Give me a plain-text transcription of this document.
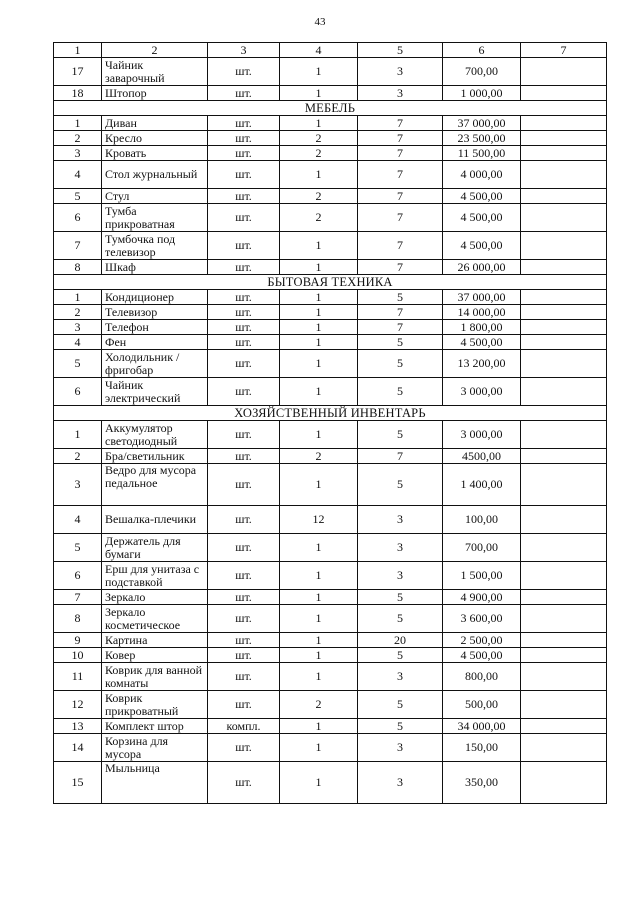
43
1	2	3	4	5	6	7
17	Чайник заварочный	шт.	1	3	700,00	
18	Штопор	шт.	1	3	1 000,00	
МЕБЕЛЬ						
1	Диван	шт.	1	7	37 000,00	
2	Кресло	шт.	2	7	23 500,00	
3	Кровать	шт.	2	7	11 500,00	
4	Стол журнальный	шт.	1	7	4 000,00	
5	Стул	шт.	2	7	4 500,00	
6	Тумба прикроватная	шт.	2	7	4 500,00	
7	Тумбочка под телевизор	шт.	1	7	4 500,00	
8	Шкаф	шт.	1	7	26 000,00	
БЫТОВАЯ ТЕХНИКА						
1	Кондиционер	шт.	1	5	37 000,00	
2	Телевизор	шт.	1	7	14 000,00	
3	Телефон	шт.	1	7	1 800,00	
4	Фен	шт.	1	5	4 500,00	
5	Холодильник / фригобар	шт.	1	5	13 200,00	
6	Чайник электрический	шт.	1	5	3 000,00	
ХОЗЯЙСТВЕННЫЙ ИНВЕНТАРЬ						
1	Аккумулятор светодиодный	шт.	1	5	3 000,00	
2	Бра/светильник	шт.	2	7	4500,00	
3	Ведро для мусора педальное	шт.	1	5	1 400,00	
4	Вешалка-плечики	шт.	12	3	100,00	
5	Держатель для бумаги	шт.	1	3	700,00	
6	Ерш для унитаза с подставкой	шт.	1	3	1 500,00	
7	Зеркало	шт.	1	5	4 900,00	
8	Зеркало косметическое	шт.	1	5	3 600,00	
9	Картина	шт.	1	20	2 500,00	
10	Ковер	шт.	1	5	4 500,00	
11	Коврик для ванной комнаты	шт.	1	3	800,00	
12	Коврик прикроватный	шт.	2	5	500,00	
13	Комплект штор	компл.	1	5	34 000,00	
14	Корзина для мусора	шт.	1	3	150,00	
15	Мыльница	шт.	1	3	350,00	
